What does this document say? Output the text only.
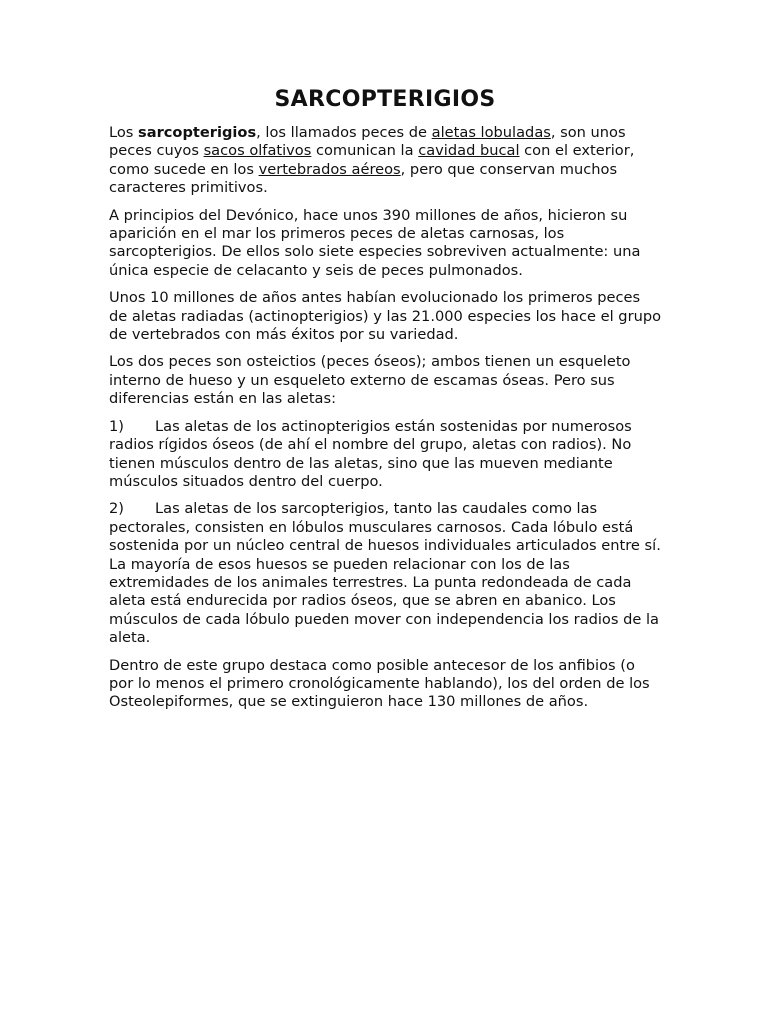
SARCOPTERIGIOS

Los sarcopterigios, los llamados peces de aletas lobuladas, son unos peces cuyos sacos olfativos comunican la cavidad bucal con el exterior, como sucede en los vertebrados aéreos, pero que conservan muchos caracteres primitivos.

A principios del Devónico, hace unos 390 millones de años, hicieron su aparición en el mar los primeros peces de aletas carnosas, los sarcopterigios. De ellos solo siete especies sobreviven actualmente: una única especie de celacanto y seis de peces pulmonados.

Unos 10 millones de años antes habían evolucionado los primeros peces de aletas radiadas (actinopterigios) y las 21.000 especies los hace el grupo de vertebrados con más éxitos por su variedad.

Los dos peces son osteictios (peces óseos); ambos tienen un esqueleto interno de hueso y un esqueleto externo de escamas óseas. Pero sus diferencias están en las aletas:

1) Las aletas de los actinopterigios están sostenidas por numerosos radios rígidos óseos (de ahí el nombre del grupo, aletas con radios). No tienen músculos dentro de las aletas, sino que las mueven mediante músculos situados dentro del cuerpo.

2) Las aletas de los sarcopterigios, tanto las caudales como las pectorales, consisten en lóbulos musculares carnosos. Cada lóbulo está sostenida por un núcleo central de huesos individuales articulados entre sí. La mayoría de esos huesos se pueden relacionar con los de las extremidades de los animales terrestres. La punta redondeada de cada aleta está endurecida por radios óseos, que se abren en abanico. Los músculos de cada lóbulo pueden mover con independencia los radios de la aleta.

Dentro de este grupo destaca como posible antecesor de los anfibios (o por lo menos el primero cronológicamente hablando), los del orden de los Osteolepiformes, que se extinguieron hace 130 millones de años.
